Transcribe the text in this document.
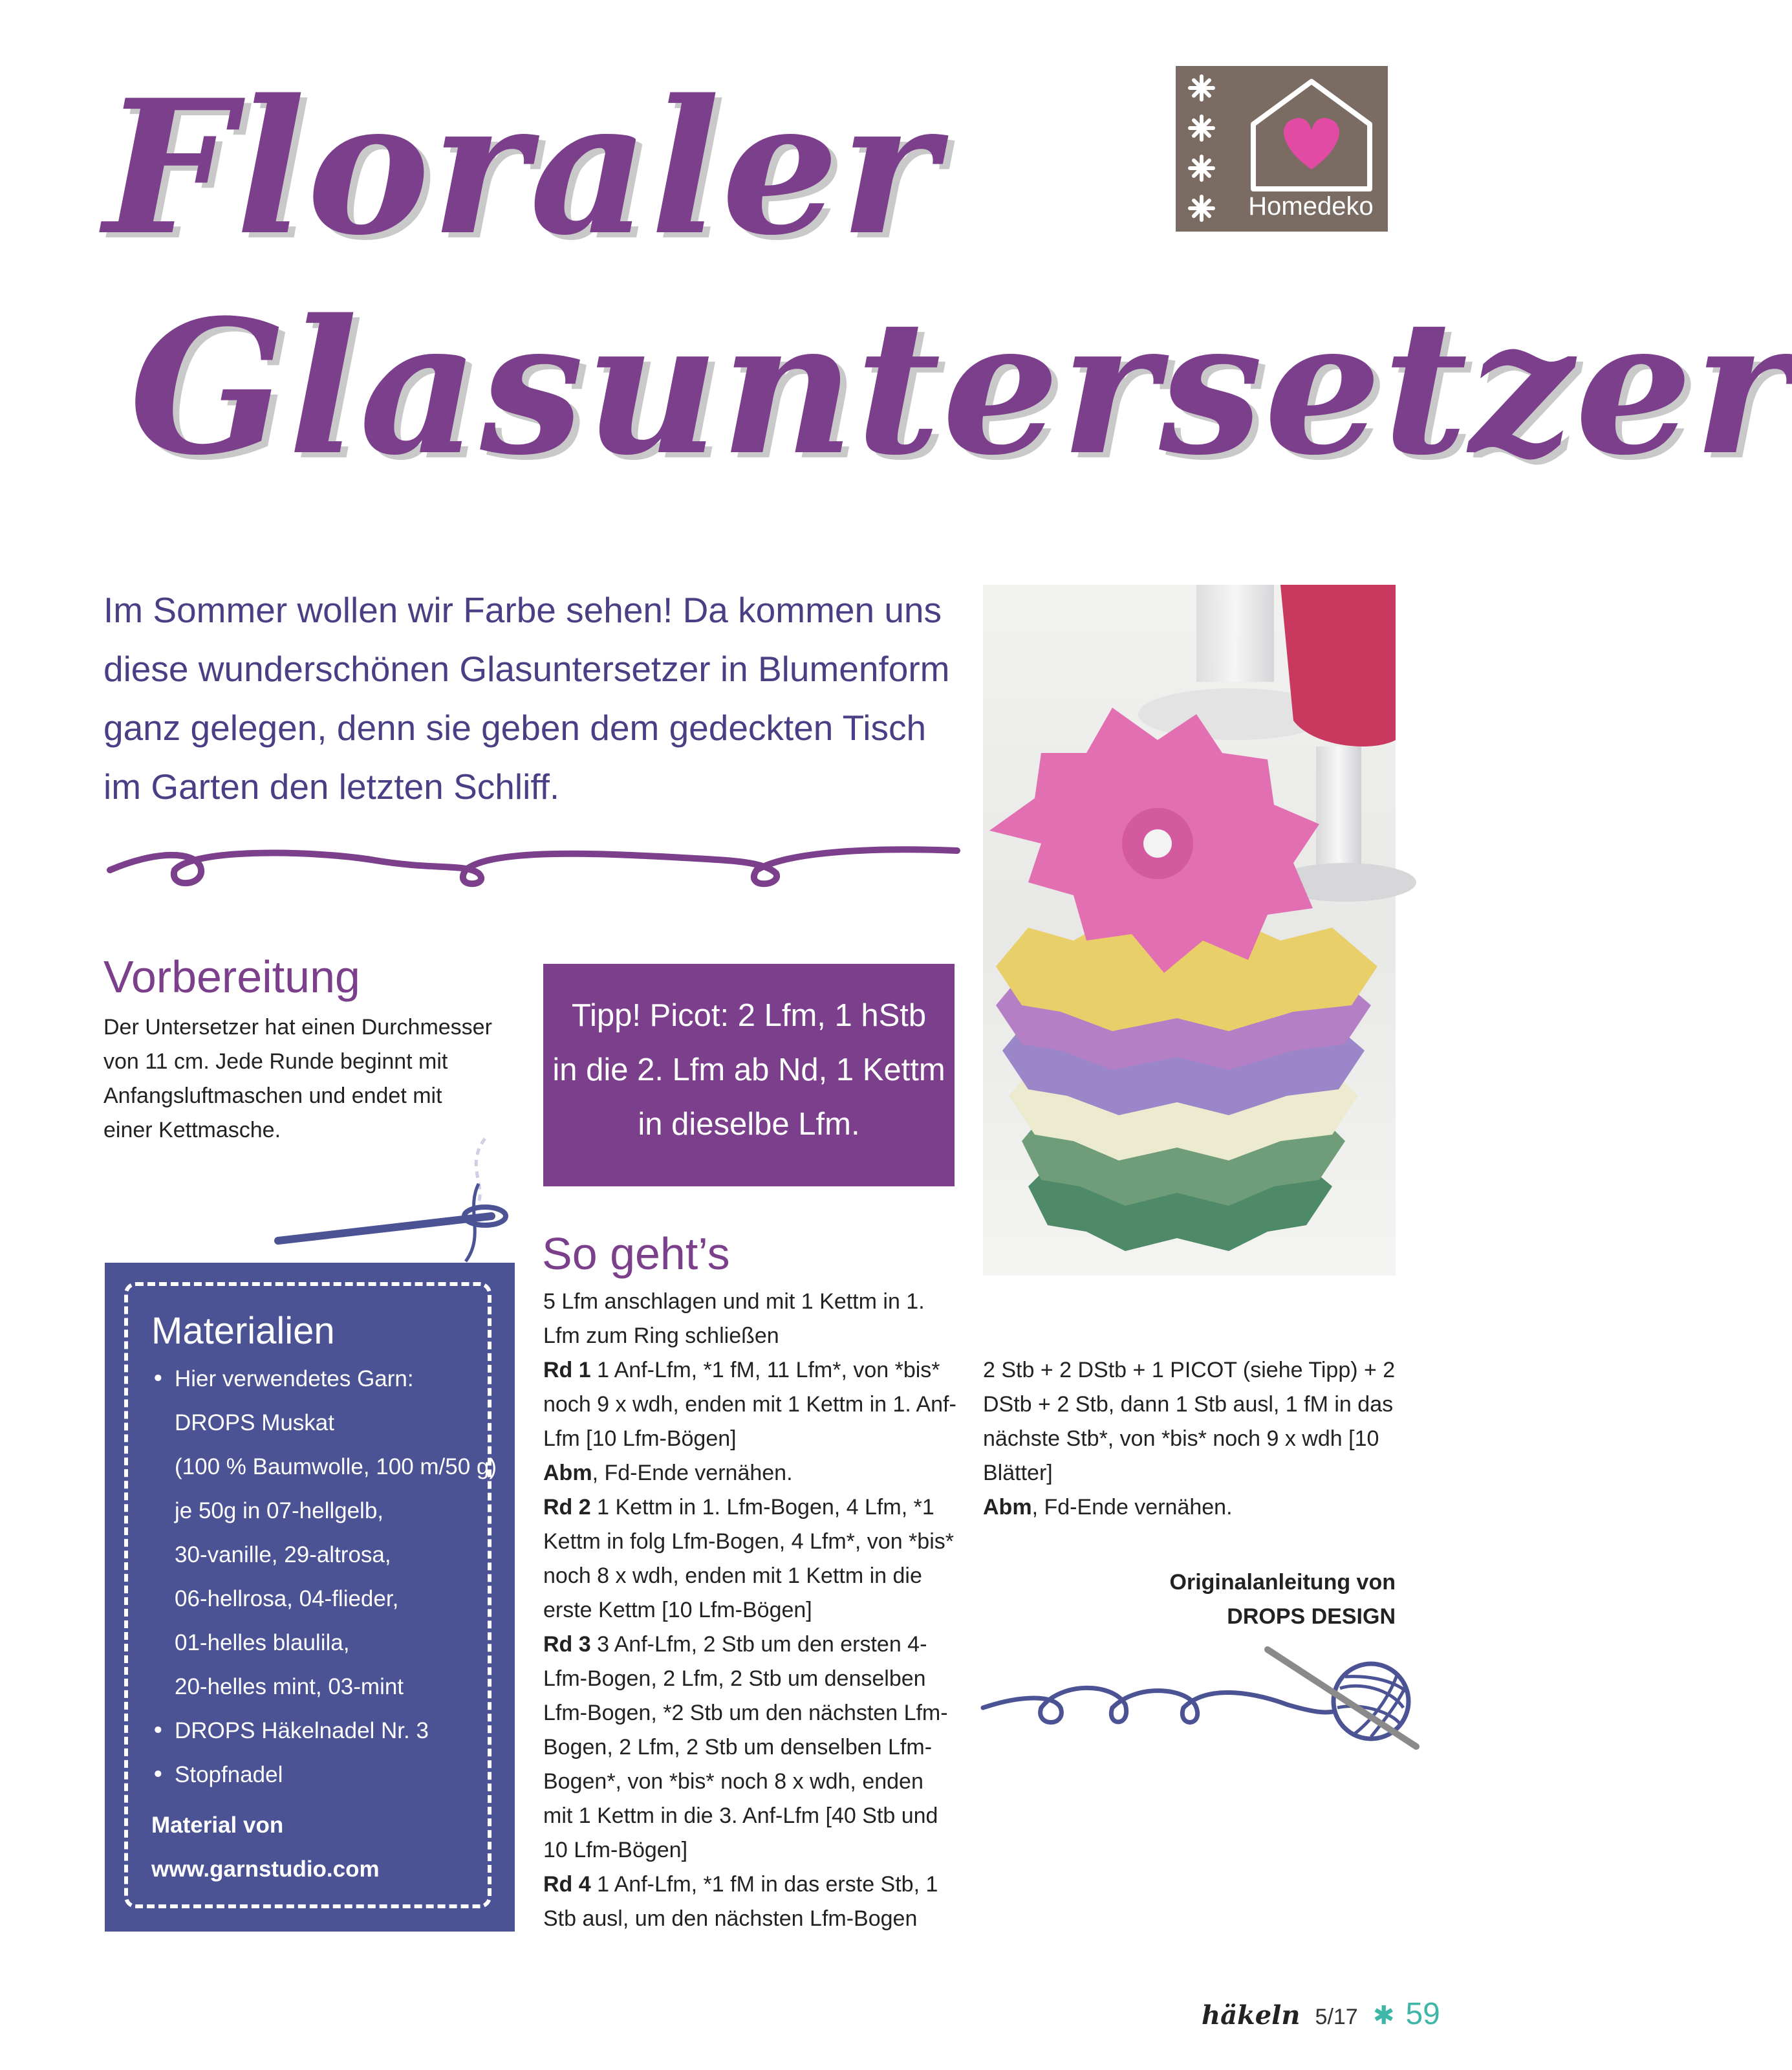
Floraler
Glasuntersetzer
Homedeko
Im Sommer wollen wir Farbe sehen! Da kommen uns diese wunderschönen Glasuntersetzer in Blumenform ganz gelegen, denn sie geben dem gedeckten Tisch im Garten den letzten Schliff.
Vorbereitung

Der Untersetzer hat einen Durchmesser

von 11 cm. Jede Runde beginnt mit

Anfangsluftmaschen und endet mit

einer Kettmasche.

Tipp! Picot: 2 Lfm, 1 hStb
in die 2. Lfm ab Nd, 1 Kettm
in dieselbe Lfm.
Materialien
• Hier verwendetes Garn:
DROPS Muskat
(100 % Baumwolle, 100 m/50 g)
je 50g in 07-hellgelb,
30-vanille, 29-altrosa,
06-hellrosa, 04-flieder,
01-helles blaulila,
20-helles mint, 03-mint
• DROPS Häkelnadel Nr. 3
• Stopfnadel
Material von
www.garnstudio.com
So geht’s

5 Lfm anschlagen und mit 1 Kettm in 1. Lfm zum Ring schließen

Rd 1 1 Anf-Lfm, *1 fM, 11 Lfm*, von *bis* noch 9 x wdh, enden mit 1 Kettm in 1. Anf-Lfm [10 Lfm-Bögen]

Abm, Fd-Ende vernähen.

Rd 2 1 Kettm in 1. Lfm-Bogen, 4 Lfm, *1 Kettm in folg Lfm-Bogen, 4 Lfm*, von *bis* noch 8 x wdh, enden mit 1 Kettm in die erste Kettm [10 Lfm-Bögen]

Rd 3 3 Anf-Lfm, 2 Stb um den ersten 4-Lfm-Bogen, 2 Lfm, 2 Stb um denselben Lfm-Bogen, *2 Stb um den nächsten Lfm-Bogen, 2 Lfm, 2 Stb um denselben Lfm-Bogen*, von *bis* noch 8 x wdh, enden mit 1 Kettm in die 3. Anf-Lfm [40 Stb und 10 Lfm-Bögen]

Rd 4 1 Anf-Lfm, *1 fM in das erste Stb, 1 Stb ausl, um den nächsten Lfm-Bogen

2 Stb + 2 DStb + 1 PICOT (siehe Tipp) + 2 DStb + 2 Stb, dann 1 Stb ausl, 1 fM in das nächste Stb*, von *bis* noch 9 x wdh [10 Blätter]

Abm, Fd-Ende vernähen.

Originalanleitung von
DROPS DESIGN
häkeln 5/17 ✱ 59
